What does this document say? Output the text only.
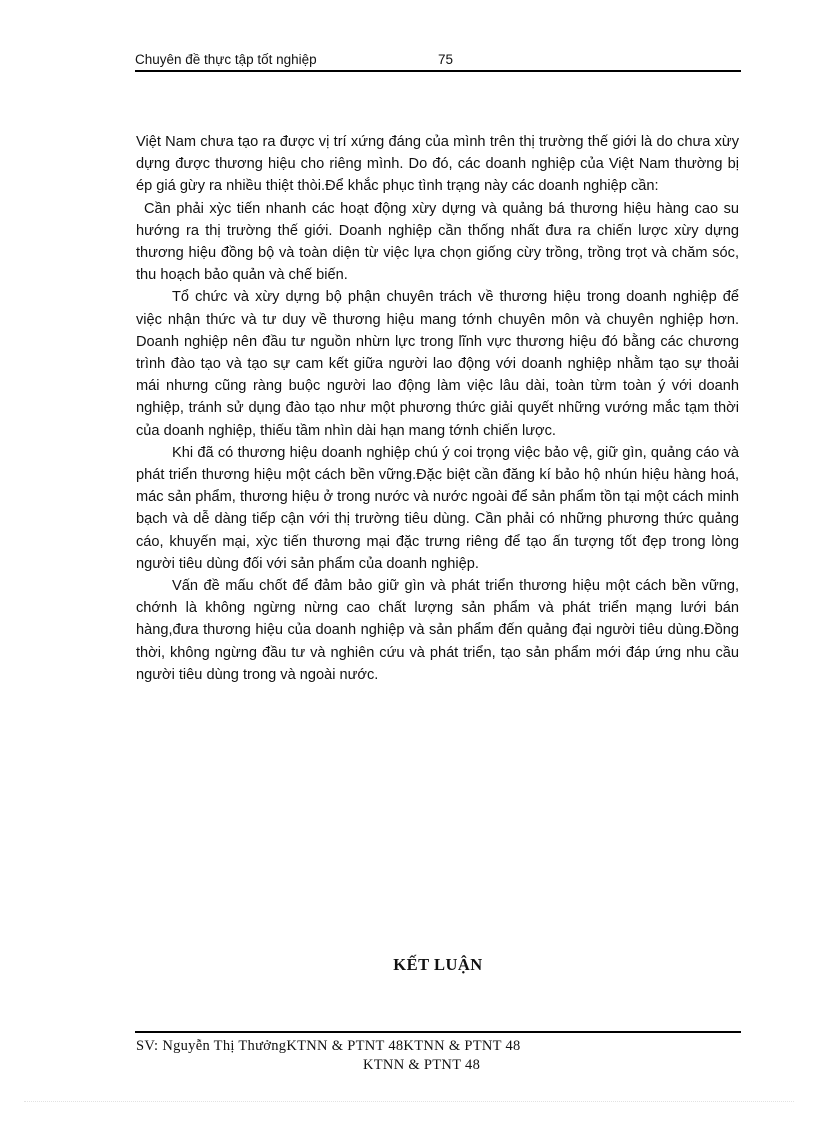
Chuyên đề thực tập tốt nghiệp	75

Việt Nam chưa tạo ra được vị trí xứng đáng của mình trên thị trường thế giới là do chưa xừy dựng được thương hiệu cho riêng mình. Do đó, các doanh nghiệp của Việt Nam thường bị ép giá gừy ra nhiều thiệt thòi.Để khắc phục tình trạng này các doanh nghiệp cần:

Cần phải xỳc tiến nhanh các hoạt động xừy dựng và quảng bá thương hiệu hàng cao su hướng ra thị trường thế giới. Doanh nghiệp cần thống nhất đưa ra chiến lược xừy dựng thương hiệu đồng bộ và toàn diện từ việc lựa chọn giống cừy trồng, trồng trọt và chăm sóc, thu hoạch bảo quản và chế biến.

Tổ chức và xừy dựng bộ phận chuyên trách về thương hiệu trong doanh nghiệp để việc nhận thức và tư duy về thương hiệu mang tớnh chuyên môn và chuyên nghiệp hơn. Doanh nghiệp nên đầu tư nguồn nhừn lực trong lĩnh vực thương hiệu đó bằng các chương trình đào tạo và tạo sự cam kết giữa người lao động với doanh nghiệp nhằm tạo sự thoải mái nhưng cũng ràng buộc người lao động làm việc lâu dài, toàn từm toàn ý với doanh nghiệp, tránh sử dụng đào tạo như một phương thức giải quyết những vướng mắc tạm thời của doanh nghiệp, thiếu tầm nhìn dài hạn mang tớnh chiến lược.

Khi đã có thương hiệu doanh nghiệp chú ý coi trọng việc bảo vệ, giữ gìn, quảng cáo và phát triển thương hiệu một cách bền vững.Đặc biệt cần đăng kí bảo hộ nhún hiệu hàng hoá, mác sản phẩm, thương hiệu ở trong nước và nước ngoài để sản phẩm tồn tại một cách minh bạch và dễ dàng tiếp cận với thị trường tiêu dùng. Cần phải có những phương thức quảng cáo, khuyến mại, xỳc tiến thương mại đặc trưng riêng để tạo ấn tượng tốt đẹp trong lòng người tiêu dùng đối với sản phẩm của doanh nghiệp.

Vấn đề mấu chốt để đảm bảo giữ gìn và phát triển thương hiệu một cách bền vững, chớnh là không ngừng nừng cao chất lượng sản phẩm và phát triển mạng lưới bán hàng,đưa thương hiệu của doanh nghiệp và sản phẩm đến quảng đại người tiêu dùng.Đồng thời, không ngừng đầu tư và nghiên cứu và phát triển, tạo sản phẩm mới đáp ứng nhu cầu người tiêu dùng trong và ngoài nước.

KẾT LUẬN
SV: Nguyễn Thị ThưởngKTNN & PTNT 48KTNN & PTNT 48
KTNN & PTNT 48
